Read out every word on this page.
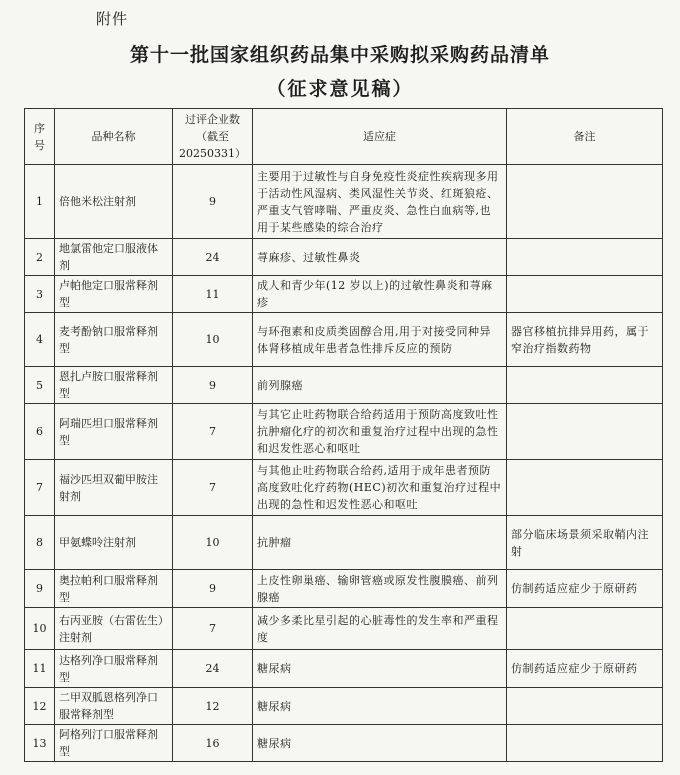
附件
第十一批国家组织药品集中采购拟采购药品清单
（征求意见稿）
序号	品种名称	过评企业数（截至20250331）	适应症	备注
1	倍他米松注射剂	9	主要用于过敏性与自身免疫性炎症性疾病现多用于活动性风湿病、类风湿性关节炎、红斑狼疮、严重支气管哮喘、严重皮炎、急性白血病等,也用于某些感染的综合治疗	
2	地氯雷他定口服液体剂	24	荨麻疹、过敏性鼻炎	
3	卢帕他定口服常释剂型	11	成人和青少年(12 岁以上)的过敏性鼻炎和荨麻疹	
4	麦考酚钠口服常释剂型	10	与环孢素和皮质类固醇合用,用于对接受同种异体肾移植成年患者急性排斥反应的预防	器官移植抗排异用药，属于窄治疗指数药物
5	恩扎卢胺口服常释剂型	9	前列腺癌	
6	阿瑞匹坦口服常释剂型	7	与其它止吐药物联合给药适用于预防高度致吐性抗肿瘤化疗的初次和重复治疗过程中出现的急性和迟发性恶心和呕吐	
7	福沙匹坦双葡甲胺注射剂	7	与其他止吐药物联合给药,适用于成年患者预防高度致吐化疗药物(HEC)初次和重复治疗过程中出现的急性和迟发性恶心和呕吐	
8	甲氨蝶呤注射剂	10	抗肿瘤	部分临床场景须采取鞘内注射
9	奥拉帕利口服常释剂型	9	上皮性卵巢癌、输卵管癌或原发性腹膜癌、前列腺癌	仿制药适应症少于原研药
10	右丙亚胺（右雷佐生）注射剂	7	减少多柔比星引起的心脏毒性的发生率和严重程度	
11	达格列净口服常释剂型	24	糖尿病	仿制药适应症少于原研药
12	二甲双胍恩格列净口服常释剂型	12	糖尿病	
13	阿格列汀口服常释剂型	16	糖尿病	
